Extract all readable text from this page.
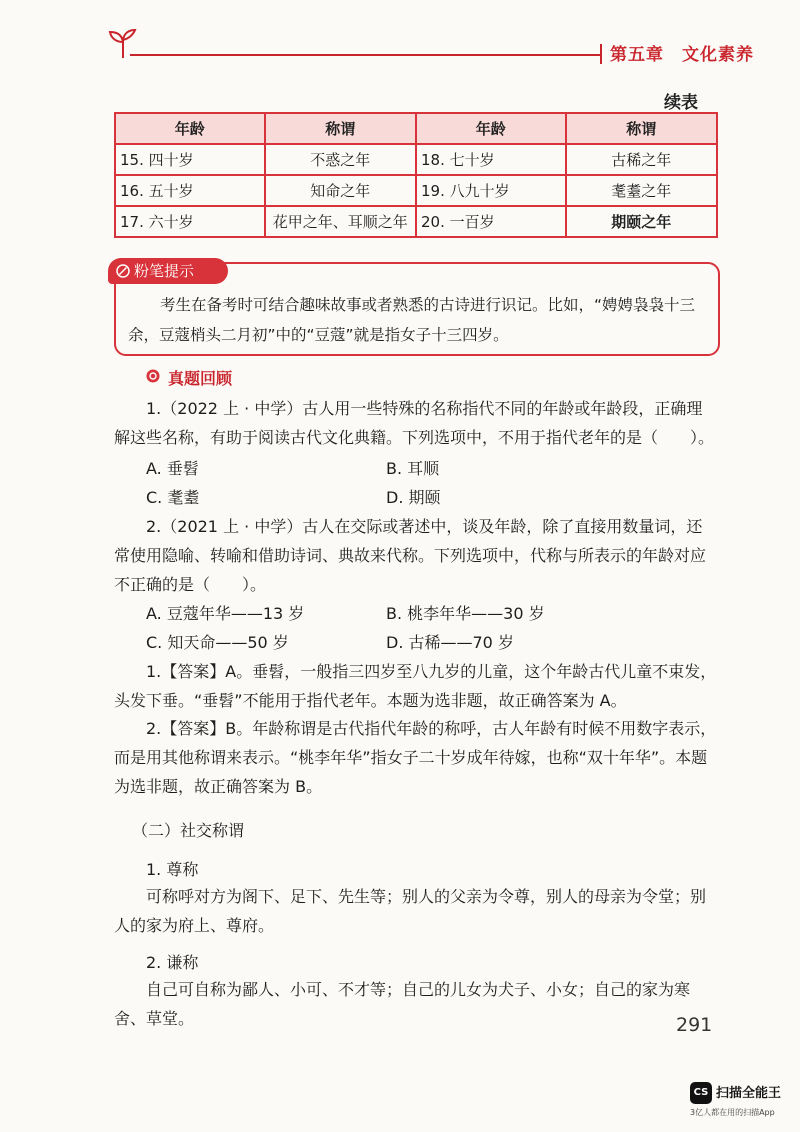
第五章　文化素养
续表
年龄	称谓	年龄	称谓
15. 四十岁	不惑之年	18. 七十岁	古稀之年
16. 五十岁	知命之年	19. 八九十岁	耄耋之年
17. 六十岁	花甲之年、耳顺之年	20. 一百岁	期颐之年
粉笔提示
考生在备考时可结合趣味故事或者熟悉的古诗进行识记。比如，“娉娉袅袅十三余，豆蔻梢头二月初”中的“豆蔻”就是指女子十三四岁。
真题回顾
1.（2022 上 · 中学）古人用一些特殊的名称指代不同的年龄或年龄段，正确理解这些名称，有助于阅读古代文化典籍。下列选项中，不用于指代老年的是（　　）。
A. 垂髫	B. 耳顺
C. 耄耋	D. 期颐
2.（2021 上 · 中学）古人在交际或著述中，谈及年龄，除了直接用数量词，还常使用隐喻、转喻和借助诗词、典故来代称。下列选项中，代称与所表示的年龄对应不正确的是（　　）。
A. 豆蔻年华——13 岁	B. 桃李年华——30 岁
C. 知天命——50 岁	D. 古稀——70 岁
1.【答案】A。垂髫，一般指三四岁至八九岁的儿童，这个年龄古代儿童不束发，头发下垂。“垂髫”不能用于指代老年。本题为选非题，故正确答案为 A。
2.【答案】B。年龄称谓是古代指代年龄的称呼，古人年龄有时候不用数字表示，而是用其他称谓来表示。“桃李年华”指女子二十岁成年待嫁，也称“双十年华”。本题为选非题，故正确答案为 B。
（二）社交称谓
1. 尊称
可称呼对方为阁下、足下、先生等；别人的父亲为令尊，别人的母亲为令堂；别人的家为府上、尊府。
2. 谦称
自己可自称为鄙人、小可、不才等；自己的儿女为犬子、小女；自己的家为寒舍、草堂。	291
CS 扫描全能王
3亿人都在用的扫描App
